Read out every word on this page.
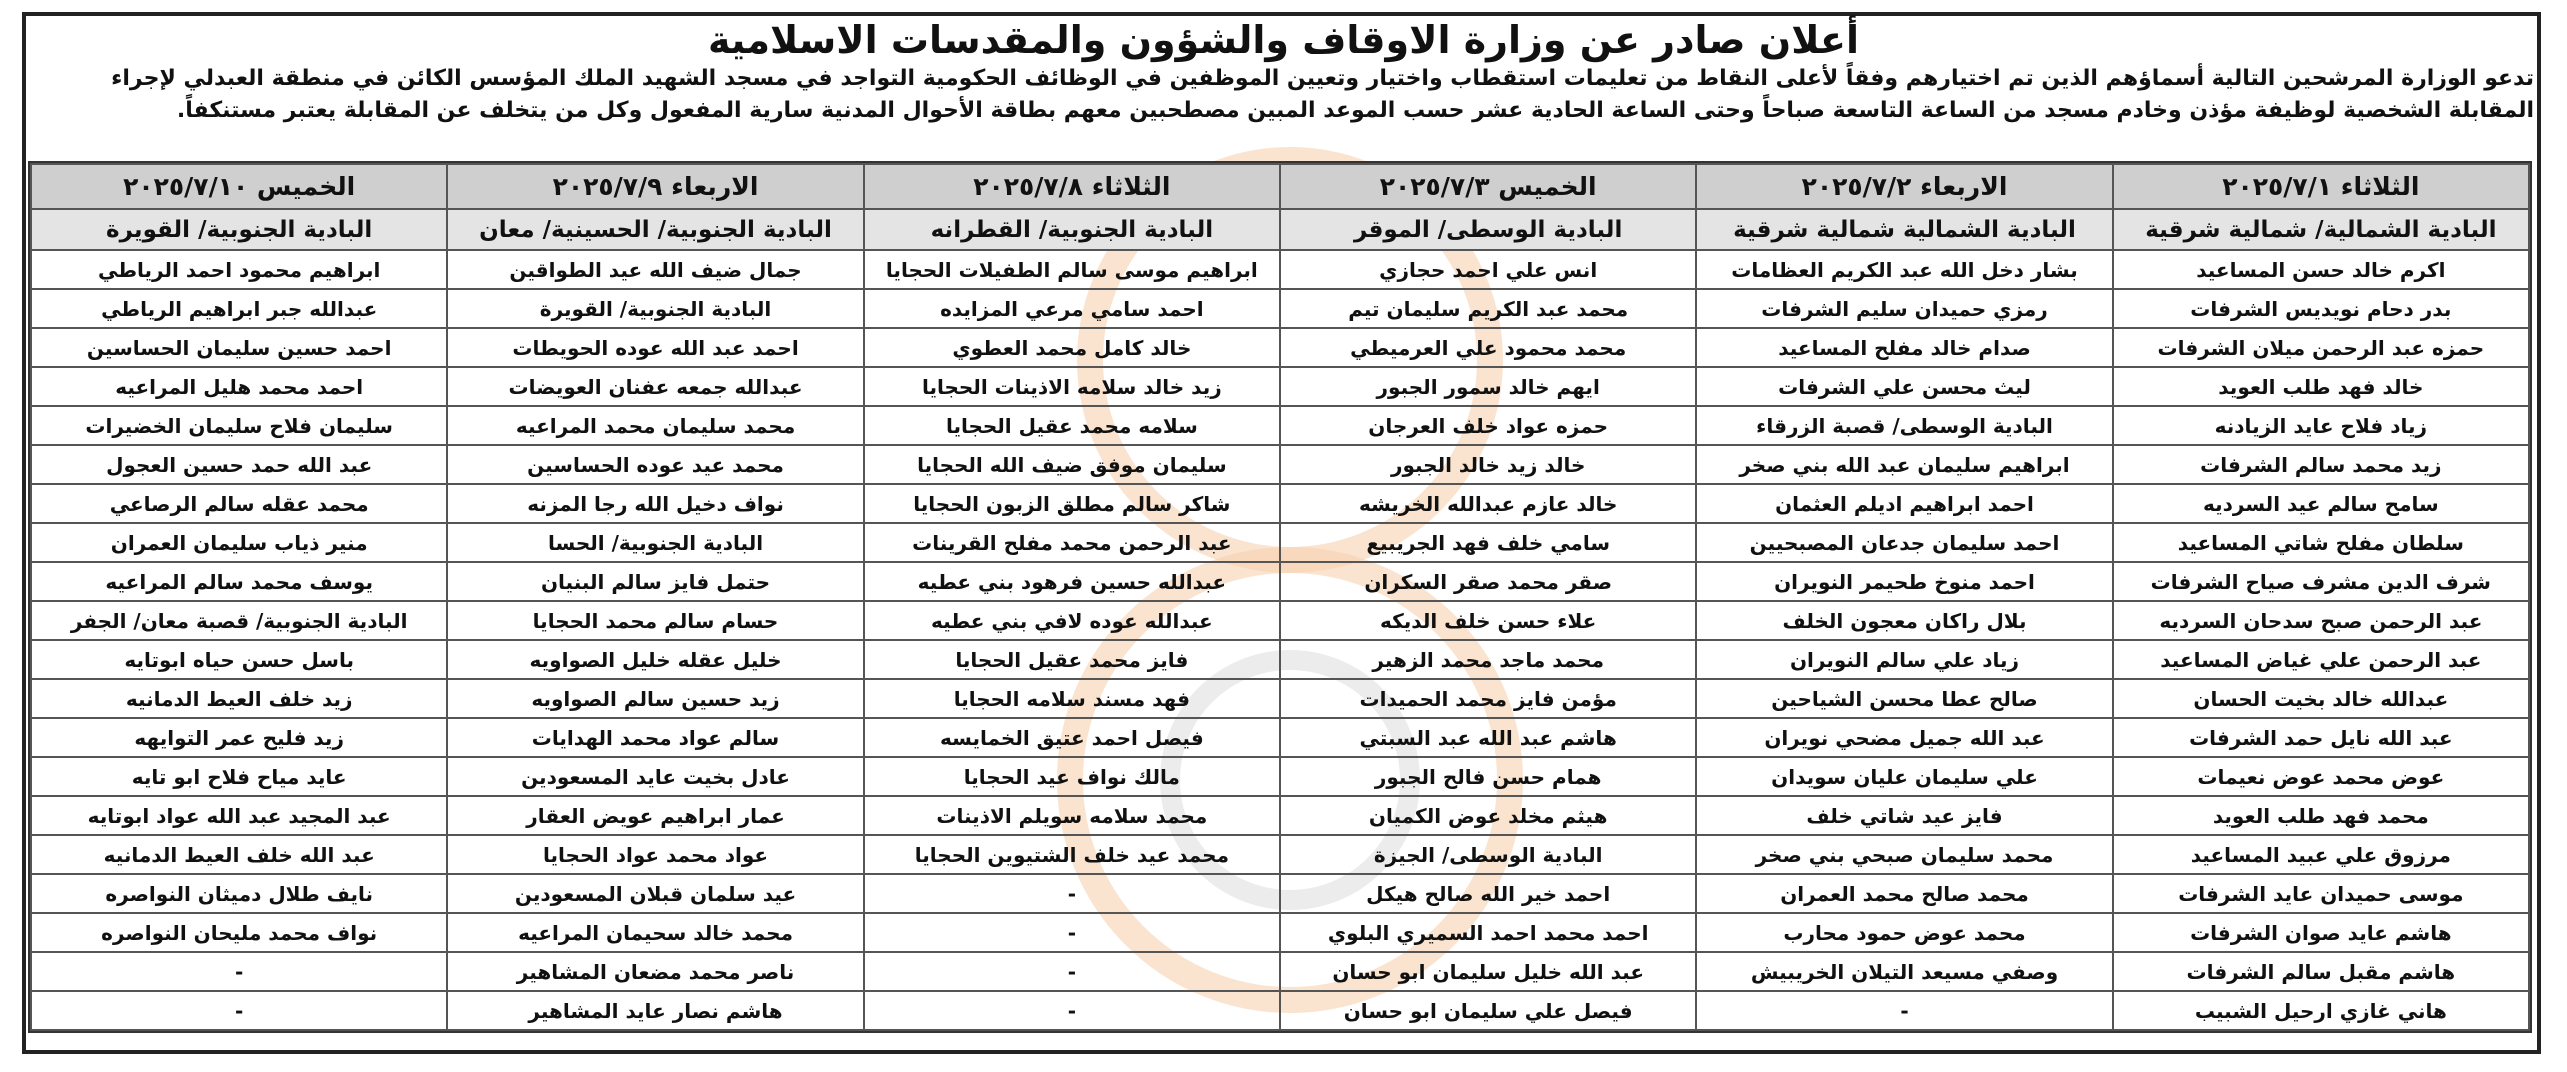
أعلان صادر عن وزارة الاوقاف والشؤون والمقدسات الاسلامية
تدعو الوزارة المرشحين التالية أسماؤهم الذين تم اختيارهم وفقاً لأعلى النقاط من تعليمات استقطاب واختيار وتعيين الموظفين في الوظائف الحكومية التواجد في مسجد الشهيد الملك المؤسس الكائن في منطقة العبدلي لإجراء
المقابلة الشخصية لوظيفة مؤذن وخادم مسجد من الساعة التاسعة صباحاً وحتى الساعة الحادية عشر حسب الموعد المبين مصطحبين معهم بطاقة الأحوال المدنية سارية المفعول وكل من يتخلف عن المقابلة يعتبر مستنكفاً.
الثلاثاء ٢٠٢٥/٧/١	الاربعاء ٢٠٢٥/٧/٢	الخميس ٢٠٢٥/٧/٣	الثلاثاء ٢٠٢٥/٧/٨	الاربعاء ٢٠٢٥/٧/٩	الخميس ٢٠٢٥/٧/١٠
البادية الشمالية/ شمالية شرقية	البادية الشمالية شمالية شرقية	البادية الوسطى/ الموقر	البادية الجنوبية/ القطرانه	البادية الجنوبية/ الحسينية/ معان	البادية الجنوبية/ القويرة
اكرم خالد حسن المساعيد	بشار دخل الله عبد الكريم العظامات	انس علي احمد حجازي	ابراهيم موسى سالم الطفيلات الحجايا	جمال ضيف الله عيد الطواقين	ابراهيم محمود احمد الرياطي
بدر دحام نويديس الشرفات	رمزي حميدان سليم الشرفات	محمد عبد الكريم سليمان تيم	احمد سامي مرعي المزايده	البادية الجنوبية/ القويرة	عبدالله جبر ابراهيم الرياطي
حمزه عبد الرحمن ميلان الشرفات	صدام خالد مفلح المساعيد	محمد محمود علي العرميطي	خالد كامل محمد العطوي	احمد عبد الله عوده الحويطات	احمد حسين سليمان الحساسين
خالد فهد طلب العويد	ليث محسن علي الشرفات	ايهم خالد سمور الجبور	زيد خالد سلامه الاذينات الحجايا	عبدالله جمعه عفنان العويضات	احمد محمد هليل المراعيه
زياد فلاح عايد الزيادنه	البادية الوسطى/ قصبة الزرقاء	حمزه عواد خلف العرجان	سلامه محمد عقيل الحجايا	محمد سليمان محمد المراعيه	سليمان فلاح سليمان الخضيرات
زيد محمد سالم الشرفات	ابراهيم سليمان عبد الله بني صخر	خالد زيد خالد الجبور	سليمان موفق ضيف الله الحجايا	محمد عيد عوده الحساسين	عبد الله حمد حسين العجول
سامح سالم عيد السرديه	احمد ابراهيم اديلم العثمان	خالد عازم عبدالله الخريشه	شاكر سالم مطلق الزبون الحجايا	نواف دخيل الله رجا المزنه	محمد عقله سالم الرصاعي
سلطان مفلح شاتي المساعيد	احمد سليمان جدعان المصبحيين	سامي خلف فهد الجريبيع	عبد الرحمن محمد مفلح القرينات	البادية الجنوبية/ الحسا	منير ذياب سليمان العمران
شرف الدين مشرف صياح الشرفات	احمد منوخ طحيمر النويران	صقر محمد صقر السكران	عبدالله حسين فرهود بني عطيه	حتمل فايز سالم البنيان	يوسف محمد سالم المراعيه
عبد الرحمن صبح سدحان السرديه	بلال راكان معجون الخلف	علاء حسن خلف الديكه	عبدالله عوده لافي بني عطيه	حسام سالم محمد الحجايا	البادية الجنوبية/ قصبة معان/ الجفر
عبد الرحمن علي غياض المساعيد	زياد علي سالم النويران	محمد ماجد محمد الزهير	فايز محمد عقيل الحجايا	خليل عقله خليل الصواويه	باسل حسن حياه ابوتايه
عبدالله خالد بخيت الحسان	صالح عطا محسن الشياحين	مؤمن فايز محمد الحميدات	فهد مسند سلامه الحجايا	زيد حسين سالم الصواويه	زيد خلف العيط الدمانيه
عبد الله نايل حمد الشرفات	عبد الله جميل مضحي نويران	هاشم عبد الله عبد السبتي	فيصل احمد عتيق الخمايسه	سالم عواد محمد الهدايات	زيد فليح عمر التوايهه
عوض محمد عوض نعيمات	علي سليمان عليان سويدان	همام حسن فالح الجبور	مالك نواف عيد الحجايا	عادل بخيت عايد المسعودين	عايد مياح فلاح ابو تايه
محمد فهد طلب العويد	فايز عيد شاتي خلف	هيثم مخلد عوض الكميان	محمد سلامه سويلم الاذينات	عمار ابراهيم عويض العقار	عبد المجيد عبد الله عواد ابوتايه
مرزوق علي عبيد المساعيد	محمد سليمان صبحي بني صخر	البادية الوسطى/ الجيزة	محمد عيد خلف الشتيوين الحجايا	عواد محمد عواد الحجايا	عبد الله خلف العيط الدمانيه
موسى حميدان عايد الشرفات	محمد صالح محمد العمران	احمد خير الله صالح هيكل	-	عيد سلمان قبلان المسعودين	نايف طلال دميثان النواصره
هاشم عايد صوان الشرفات	محمد عوض حمود محارب	احمد محمد احمد السميري البلوي	-	محمد خالد سحيمان المراعيه	نواف محمد مليحان النواصره
هاشم مقبل سالم الشرفات	وصفي مسيعد التيلان الخريبيش	عبد الله خليل سليمان ابو حسان	-	ناصر محمد مضعان المشاهير	-
هاني غازي ارحيل الشبيب	-	فيصل علي سليمان ابو حسان	-	هاشم نصار عايد المشاهير	-
